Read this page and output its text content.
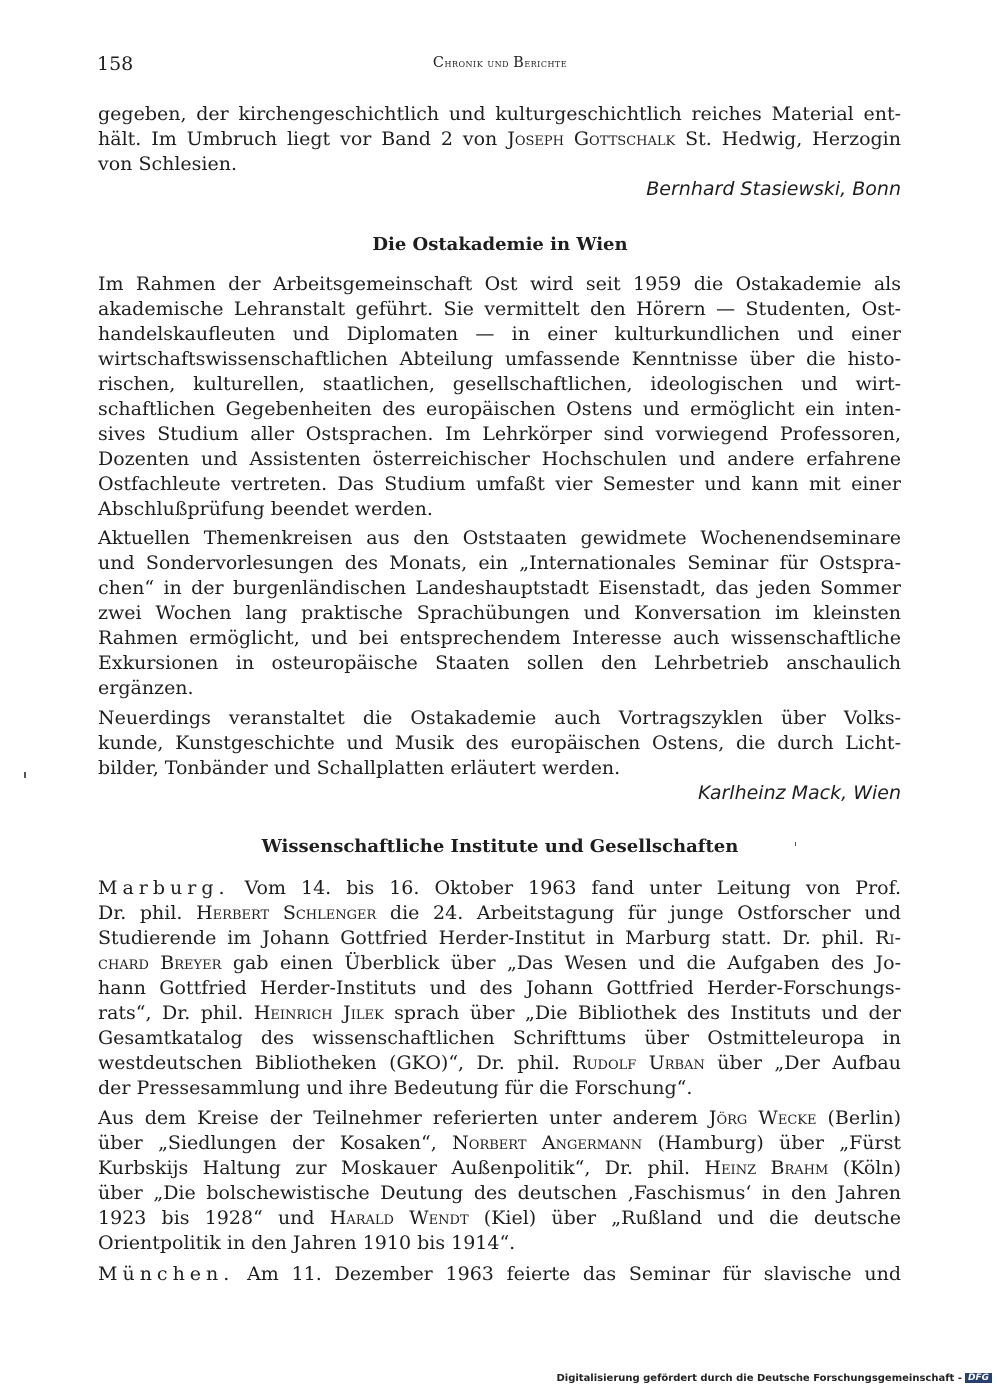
158	Chronik und Berichte
gegeben, der kirchengeschichtlich und kulturgeschichtlich reiches Material ent-
hält. Im Umbruch liegt vor Band 2 von Joseph Gottschalk St. Hedwig, Herzogin
von Schlesien.
Bernhard Stasiewski, Bonn
Die Ostakademie in Wien
Im Rahmen der Arbeitsgemeinschaft Ost wird seit 1959 die Ostakademie als
akademische Lehranstalt geführt. Sie vermittelt den Hörern — Studenten, Ost-
handelskaufleuten und Diplomaten — in einer kulturkundlichen und einer
wirtschaftswissenschaftlichen Abteilung umfassende Kenntnisse über die histo-
rischen, kulturellen, staatlichen, gesellschaftlichen, ideologischen und wirt-
schaftlichen Gegebenheiten des europäischen Ostens und ermöglicht ein inten-
sives Studium aller Ostsprachen. Im Lehrkörper sind vorwiegend Professoren,
Dozenten und Assistenten österreichischer Hochschulen und andere erfahrene
Ostfachleute vertreten. Das Studium umfaßt vier Semester und kann mit einer
Abschlußprüfung beendet werden.
Aktuellen Themenkreisen aus den Oststaaten gewidmete Wochenendseminare
und Sondervorlesungen des Monats, ein „Internationales Seminar für Ostspra-
chen“ in der burgenländischen Landeshauptstadt Eisenstadt, das jeden Sommer
zwei Wochen lang praktische Sprachübungen und Konversation im kleinsten
Rahmen ermöglicht, und bei entsprechendem Interesse auch wissenschaftliche
Exkursionen in osteuropäische Staaten sollen den Lehrbetrieb anschaulich
ergänzen.
Neuerdings veranstaltet die Ostakademie auch Vortragszyklen über Volks-
kunde, Kunstgeschichte und Musik des europäischen Ostens, die durch Licht-
bilder, Tonbänder und Schallplatten erläutert werden.
Karlheinz Mack, Wien
Wissenschaftliche Institute und Gesellschaften
Marburg. Vom 14. bis 16. Oktober 1963 fand unter Leitung von Prof.
Dr. phil. Herbert Schlenger die 24. Arbeitstagung für junge Ostforscher und
Studierende im Johann Gottfried Herder-Institut in Marburg statt. Dr. phil. Ri-
chard Breyer gab einen Überblick über „Das Wesen und die Aufgaben des Jo-
hann Gottfried Herder-Instituts und des Johann Gottfried Herder-Forschungs-
rats“, Dr. phil. Heinrich Jilek sprach über „Die Bibliothek des Instituts und der
Gesamtkatalog des wissenschaftlichen Schrifttums über Ostmitteleuropa in
westdeutschen Bibliotheken (GKO)“, Dr. phil. Rudolf Urban über „Der Aufbau
der Pressesammlung und ihre Bedeutung für die Forschung“.
Aus dem Kreise der Teilnehmer referierten unter anderem Jörg Wecke (Berlin)
über „Siedlungen der Kosaken“, Norbert Angermann (Hamburg) über „Fürst
Kurbskijs Haltung zur Moskauer Außenpolitik“, Dr. phil. Heinz Brahm (Köln)
über „Die bolschewistische Deutung des deutschen ‚Faschismus‘ in den Jahren
1923 bis 1928“ und Harald Wendt (Kiel) über „Rußland und die deutsche
Orientpolitik in den Jahren 1910 bis 1914“.
München. Am 11. Dezember 1963 feierte das Seminar für slavische und
Digitalisierung gefördert durch die Deutsche Forschungsgemeinschaft - DFG
